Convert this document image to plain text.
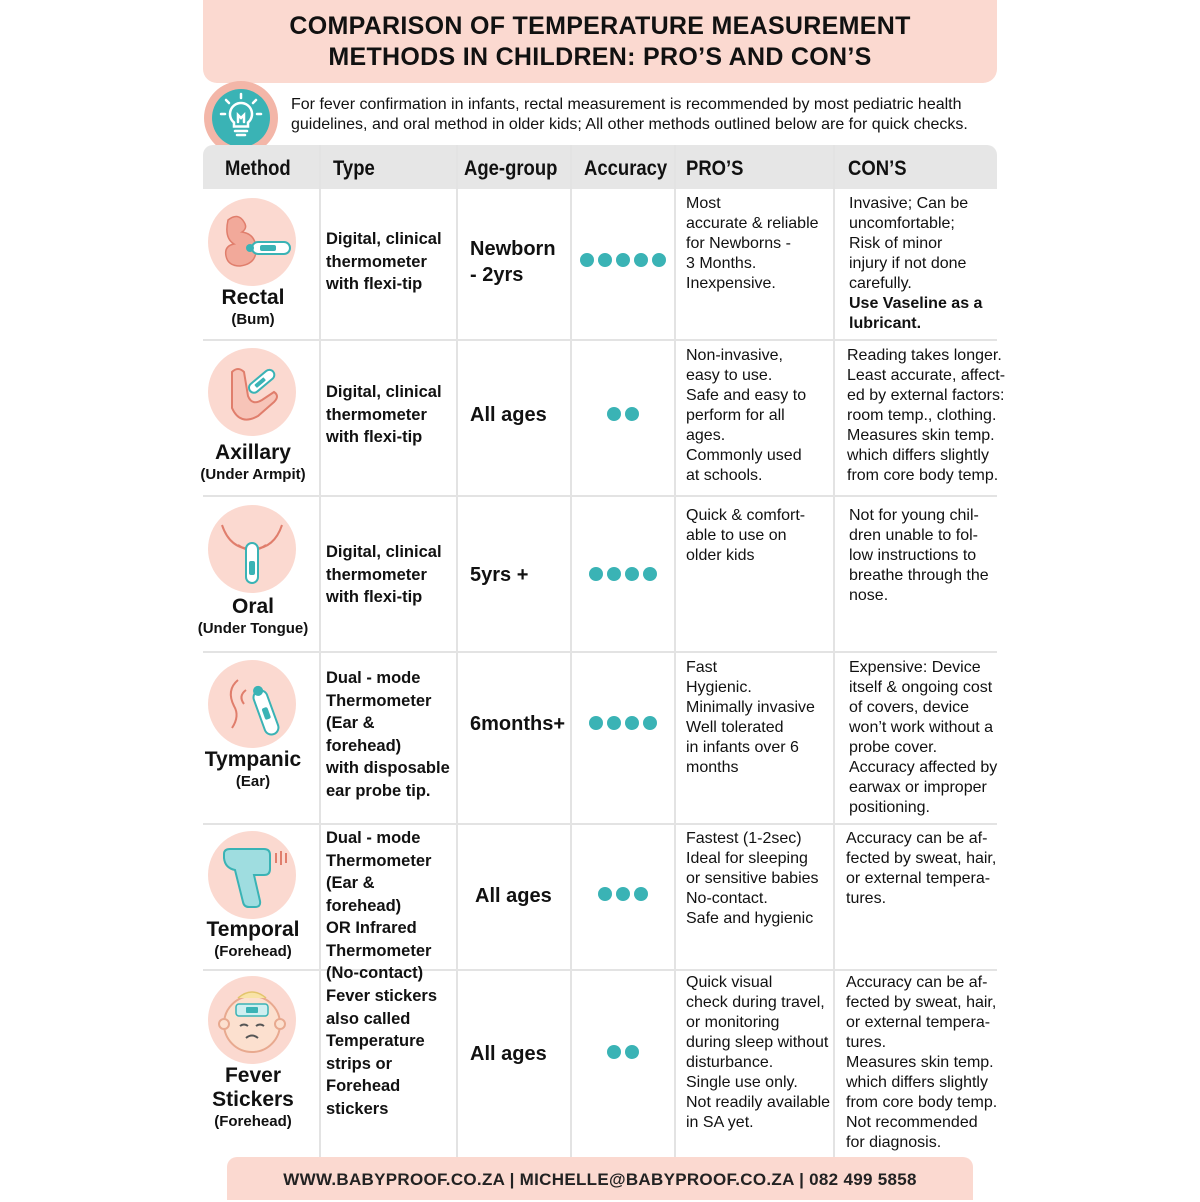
COMPARISON OF TEMPERATURE MEASUREMENT
METHODS IN CHILDREN: PRO’S AND CON’S
For fever confirmation in infants, rectal measurement is recommended by most pediatric health
guidelines, and oral method in older kids; All other methods outlined below are for quick checks.
Method Type	Age-group Accuracy PRO’S	CON’S
Rectal
(Bum)
Digital, clinical
thermometer
with flexi-tip
Newborn
- 2yrs
Most
accurate & reliable
for Newborns -
3 Months.
Inexpensive.
Invasive; Can be
uncomfortable;
Risk of minor
injury if not done
carefully.
Use Vaseline as a
lubricant.
Axillary
(Under Armpit)
Digital, clinical
thermometer
with flexi-tip
All ages
Non-invasive,
easy to use.
Safe and easy to
perform for all
ages.
Commonly used
at schools.
Reading takes longer.
Least accurate, affect-
ed by external factors:
room temp., clothing.
Measures skin temp.
which differs slightly
from core body temp.
Oral
(Under Tongue)
Digital, clinical
thermometer
with flexi-tip
5yrs +
Quick & comfort-
able to use on
older kids
Not for young chil-
dren unable to fol-
low instructions to
breathe through the
nose.
Tympanic
(Ear)
Dual - mode
Thermometer
(Ear & forehead)
with disposable
ear probe tip.
6months+
Fast
Hygienic.
Minimally invasive
Well tolerated
in infants over 6
months
Expensive: Device
itself & ongoing cost
of covers, device
won’t work without a
probe cover.
Accuracy affected by
earwax or improper
positioning.
Temporal
(Forehead)
Dual - mode
Thermometer
(Ear & forehead)
OR Infrared
Thermometer
(No-contact)
All ages
Fastest (1-2sec)
Ideal for sleeping
or sensitive babies
No-contact.
Safe and hygienic
Accuracy can be af-
fected by sweat, hair,
or external tempera-
tures.
Fever
Stickers
(Forehead)
Fever stickers
also called
Temperature
strips or
Forehead
stickers
All ages
Quick visual
check during travel,
or monitoring
during sleep without
disturbance.
Single use only.
Not readily available
in SA yet.
Accuracy can be af-
fected by sweat, hair,
or external tempera-
tures.
Measures skin temp.
which differs slightly
from core body temp.
Not recommended
for diagnosis.
WWW.BABYPROOF.CO.ZA | MICHELLE@BABYPROOF.CO.ZA | 082 499 5858
